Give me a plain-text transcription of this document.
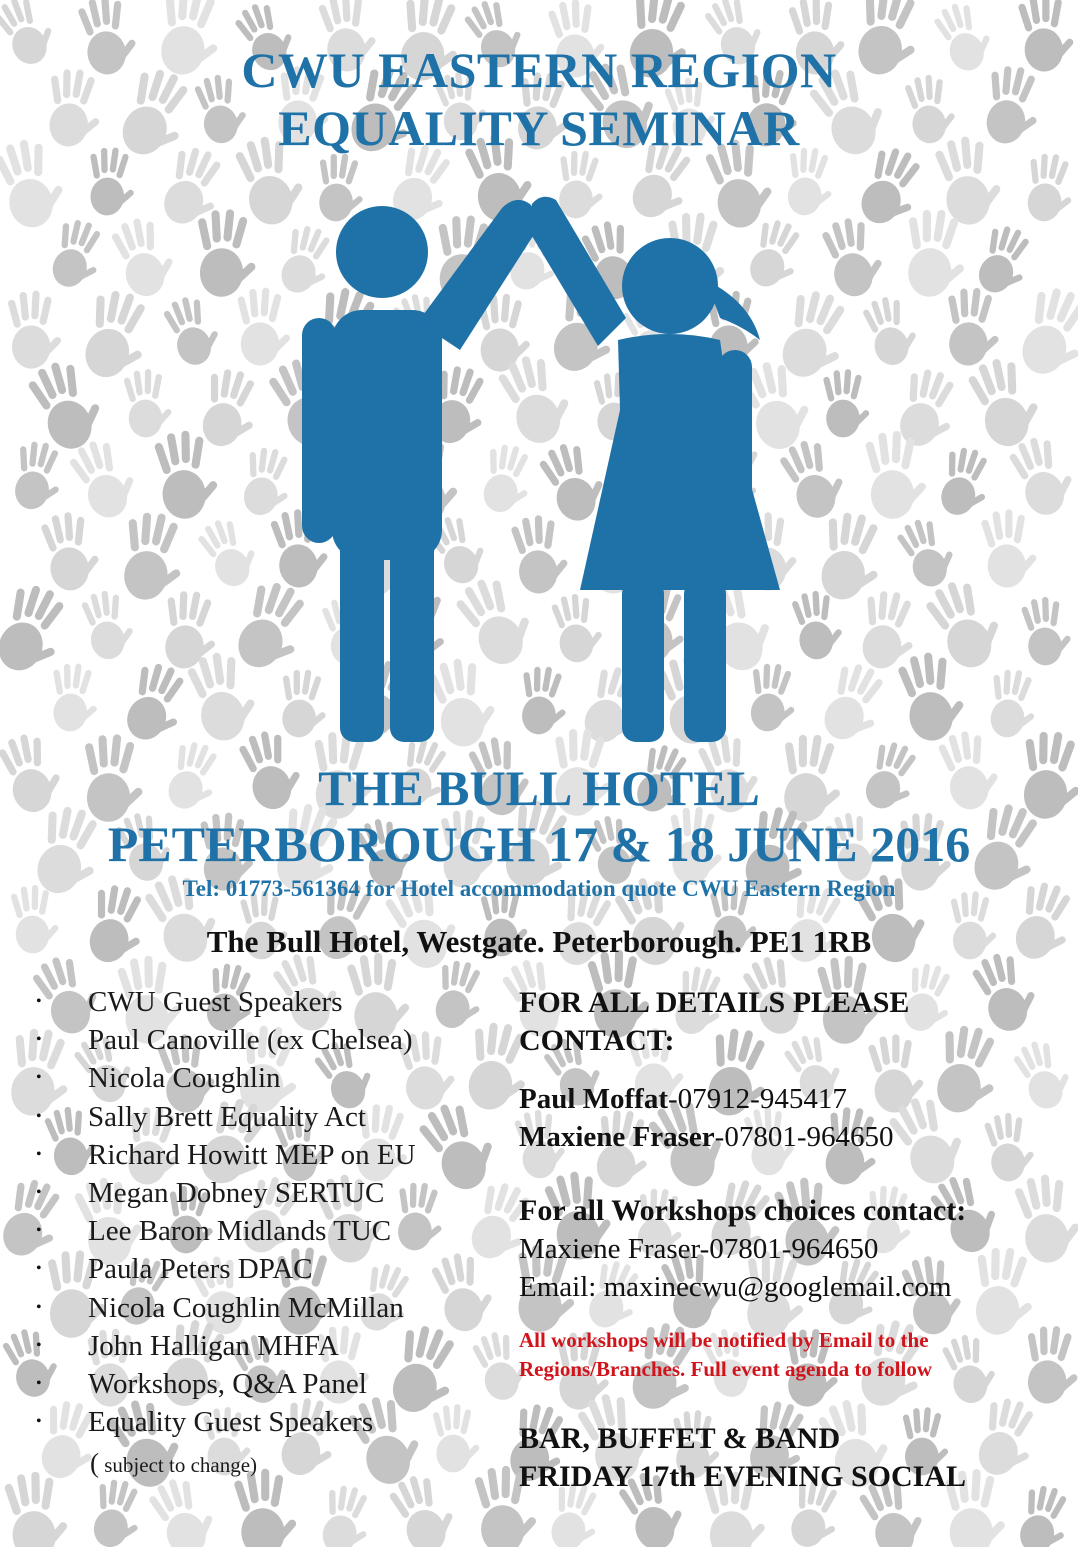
CWU EASTERN REGION
EQUALITY SEMINAR
THE BULL HOTEL
PETERBOROUGH 17 & 18 JUNE 2016
Tel: 01773-561364 for Hotel accommodation quote CWU Eastern Region
The Bull Hotel, Westgate. Peterborough. PE1 1RB
• CWU Guest Speakers
• Paul Canoville (ex Chelsea)
• Nicola Coughlin
• Sally Brett Equality Act
• Richard Howitt MEP on EU
• Megan Dobney SERTUC
• Lee Baron Midlands TUC
• Paula Peters DPAC
• Nicola Coughlin McMillan
• John Halligan MHFA
• Workshops, Q&A Panel
• Equality Guest Speakers
( subject to change)
FOR ALL DETAILS PLEASE
CONTACT:
Paul Moffat-07912-945417
Maxiene Fraser-07801-964650
For all Workshops choices contact:
Maxiene Fraser-07801-964650
Email: maxinecwu@googlemail.com
All workshops will be notified by Email to the
Regions/Branches. Full event agenda to follow
BAR, BUFFET & BAND
FRIDAY 17th EVENING SOCIAL
